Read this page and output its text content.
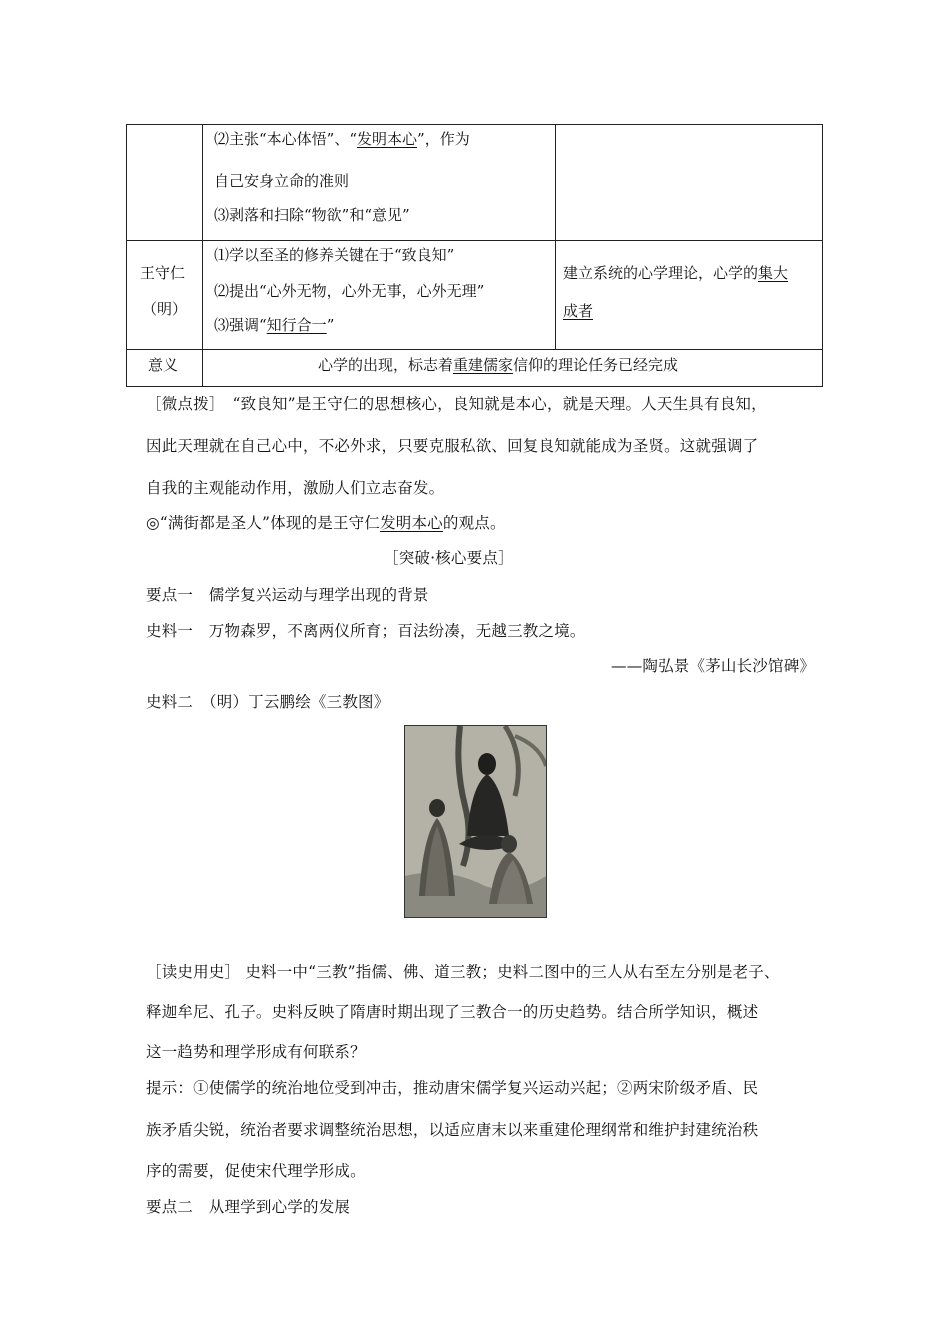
⑵主张“本心体悟”、“发明本心”，作为
自己安身立命的准则
⑶剥落和扫除“物欲”和“意见”
王守仁
（明）
⑴学以至圣的修养关键在于“致良知”
⑵提出“心外无物，心外无事，心外无理”
⑶强调“知行合一”
建立系统的心学理论，心学的集大
成者
意义	心学的出现，标志着重建儒家信仰的理论任务已经完成
［微点拨］　“致良知”是王守仁的思想核心，良知就是本心，就是天理。人天生具有良知，
因此天理就在自己心中，不必外求，只要克服私欲、回复良知就能成为圣贤。这就强调了
自我的主观能动作用，激励人们立志奋发。
◎“满街都是圣人”体现的是王守仁发明本心的观点。
［突破·核心要点］
要点一　儒学复兴运动与理学出现的背景
史料一　万物森罗，不离两仪所育；百法纷凑，无越三教之境。
——陶弘景《茅山长沙馆碑》
史料二　（明）丁云鹏绘《三教图》
［读史用史］ 史料一中“三教”指儒、佛、道三教；史料二图中的三人从右至左分别是老子、
释迦牟尼、孔子。史料反映了隋唐时期出现了三教合一的历史趋势。结合所学知识，概述
这一趋势和理学形成有何联系？
提示：①使儒学的统治地位受到冲击，推动唐宋儒学复兴运动兴起；②两宋阶级矛盾、民
族矛盾尖锐，统治者要求调整统治思想，以适应唐末以来重建伦理纲常和维护封建统治秩
序的需要，促使宋代理学形成。
要点二　从理学到心学的发展
